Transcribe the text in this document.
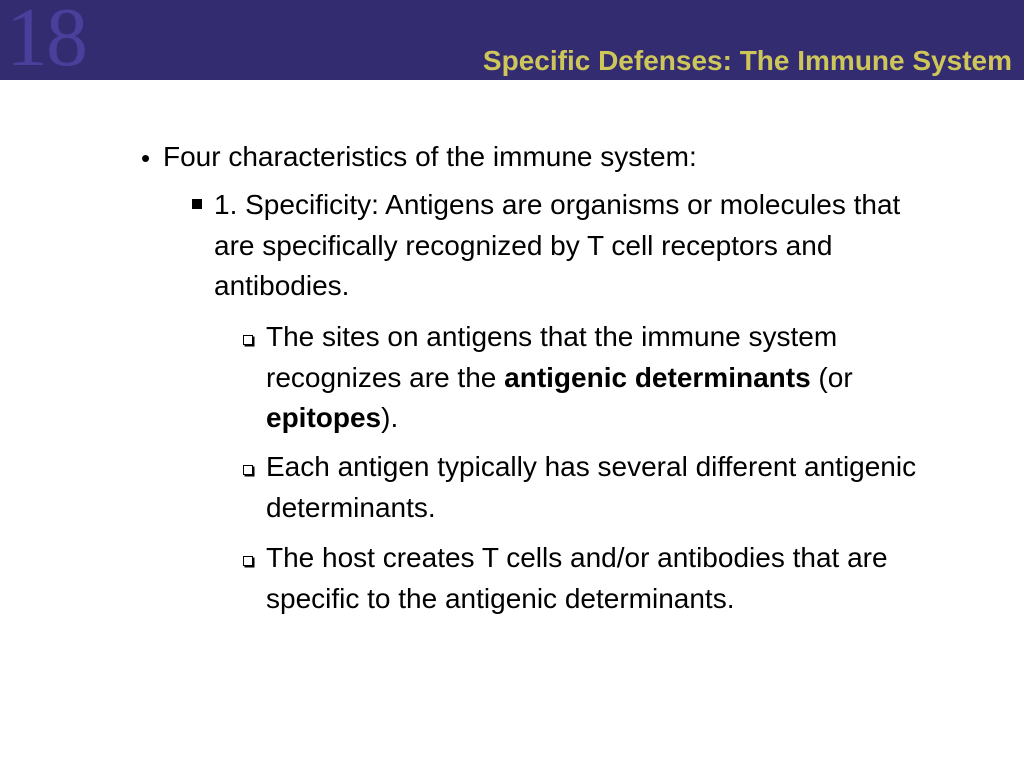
18	Specific Defenses: The Immune System
• Four characteristics of the immune system:
1. Specificity: Antigens are organisms or molecules that are specifically recognized by T cell receptors and antibodies.
The sites on antigens that the immune system recognizes are the antigenic determinants (or epitopes).
Each antigen typically has several different antigenic determinants.
The host creates T cells and/or antibodies that are specific to the antigenic determinants.
